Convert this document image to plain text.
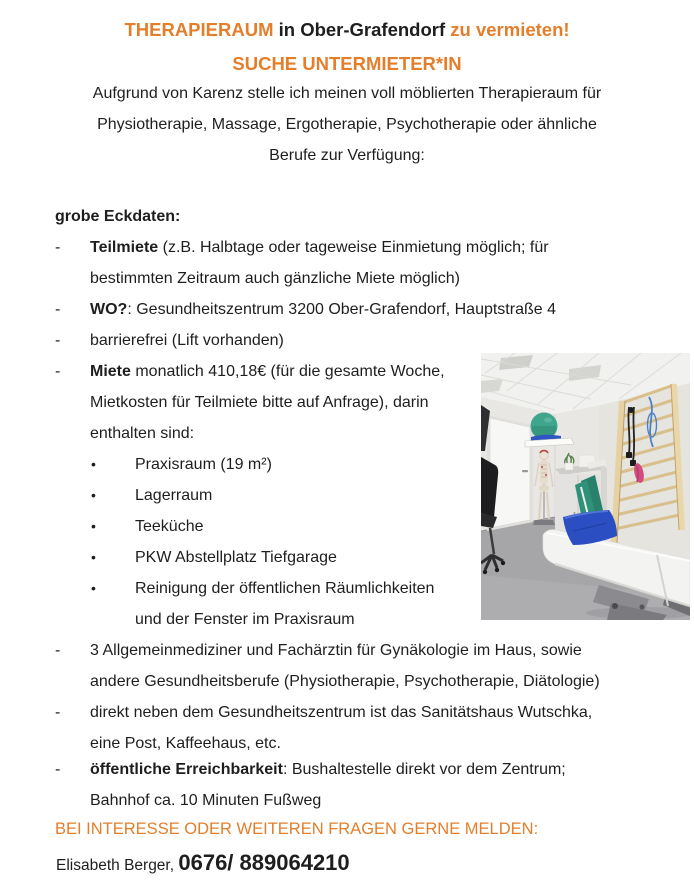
THERAPIERAUM in Ober-Grafendorf zu vermieten!
SUCHE UNTERMIETER*IN
Aufgrund von Karenz stelle ich meinen voll möblierten Therapieraum für
Physiotherapie, Massage, Ergotherapie, Psychotherapie oder ähnliche
Berufe zur Verfügung:
grobe Eckdaten:
- Teilmiete (z.B. Halbtage oder tageweise Einmietung möglich; für
bestimmten Zeitraum auch gänzliche Miete möglich)
- WO?: Gesundheitszentrum 3200 Ober-Grafendorf, Hauptstraße 4
- barrierefrei (Lift vorhanden)
- Miete monatlich 410,18€ (für die gesamte Woche,
Mietkosten für Teilmiete bitte auf Anfrage), darin
enthalten sind:
• Praxisraum (19 m²)
• Lagerraum
• Teeküche
• PKW Abstellplatz Tiefgarage
• Reinigung der öffentlichen Räumlichkeiten
und der Fenster im Praxisraum
- 3 Allgemeinmediziner und Fachärztin für Gynäkologie im Haus, sowie
andere Gesundheitsberufe (Physiotherapie, Psychotherapie, Diätologie)
- direkt neben dem Gesundheitszentrum ist das Sanitätshaus Wutschka,
eine Post, Kaffeehaus, etc.
- öffentliche Erreichbarkeit: Bushaltestelle direkt vor dem Zentrum;
Bahnhof ca. 10 Minuten Fußweg
BEI INTERESSE ODER WEITEREN FRAGEN GERNE MELDEN:
Elisabeth Berger, 0676/ 889064210
